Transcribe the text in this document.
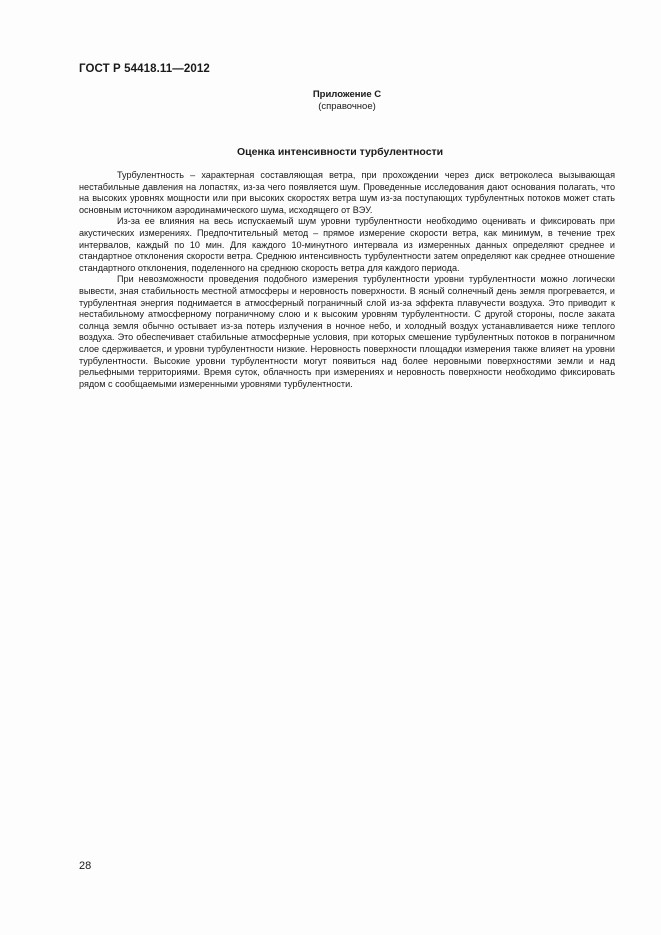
ГОСТ Р 54418.11—2012
Приложение С
(справочное)
Оценка интенсивности турбулентности

Турбулентность – характерная составляющая ветра, при прохождении через диск ветроколеса вызывающая нестабильные давления на лопастях, из-за чего появляется шум. Проведенные исследования дают основания полагать, что на высоких уровнях мощности или при высоких скоростях ветра шум из-за поступающих турбулентных потоков может стать основным источником аэродинамического шума, исходящего от ВЭУ.

Из-за ее влияния на весь испускаемый шум уровни турбулентности необходимо оценивать и фиксировать при акустических измерениях. Предпочтительный метод – прямое измерение скорости ветра, как минимум, в течение трех интервалов, каждый по 10 мин. Для каждого 10-минутного интервала из измеренных данных определяют среднее и стандартное отклонения скорости ветра. Среднюю интенсивность турбулентности затем определяют как среднее отношение стандартного отклонения, поделенного на среднюю скорость ветра для каждого периода.

При невозможности проведения подобного измерения турбулентности уровни турбулентности можно логически вывести, зная стабильность местной атмосферы и неровность поверхности. В ясный солнечный день земля прогревается, и турбулентная энергия поднимается в атмосферный пограничный слой из-за эффекта плавучести воздуха. Это приводит к нестабильному атмосферному пограничному слою и к высоким уровням турбулентности. С другой стороны, после заката солнца земля обычно остывает из-за потерь излучения в ночное небо, и холодный воздух устанавливается ниже теплого воздуха. Это обеспечивает стабильные атмосферные условия, при которых смешение турбулентных потоков в пограничном слое сдерживается, и уровни турбулентности низкие. Неровность поверхности площадки измерения также влияет на уровни турбулентности. Высокие уровни турбулентности могут появиться над более неровными поверхностями земли и над рельефными территориями. Время суток, облачность при измерениях и неровность поверхности необходимо фиксировать рядом с сообщаемыми измеренными уровнями турбулентности.

28
